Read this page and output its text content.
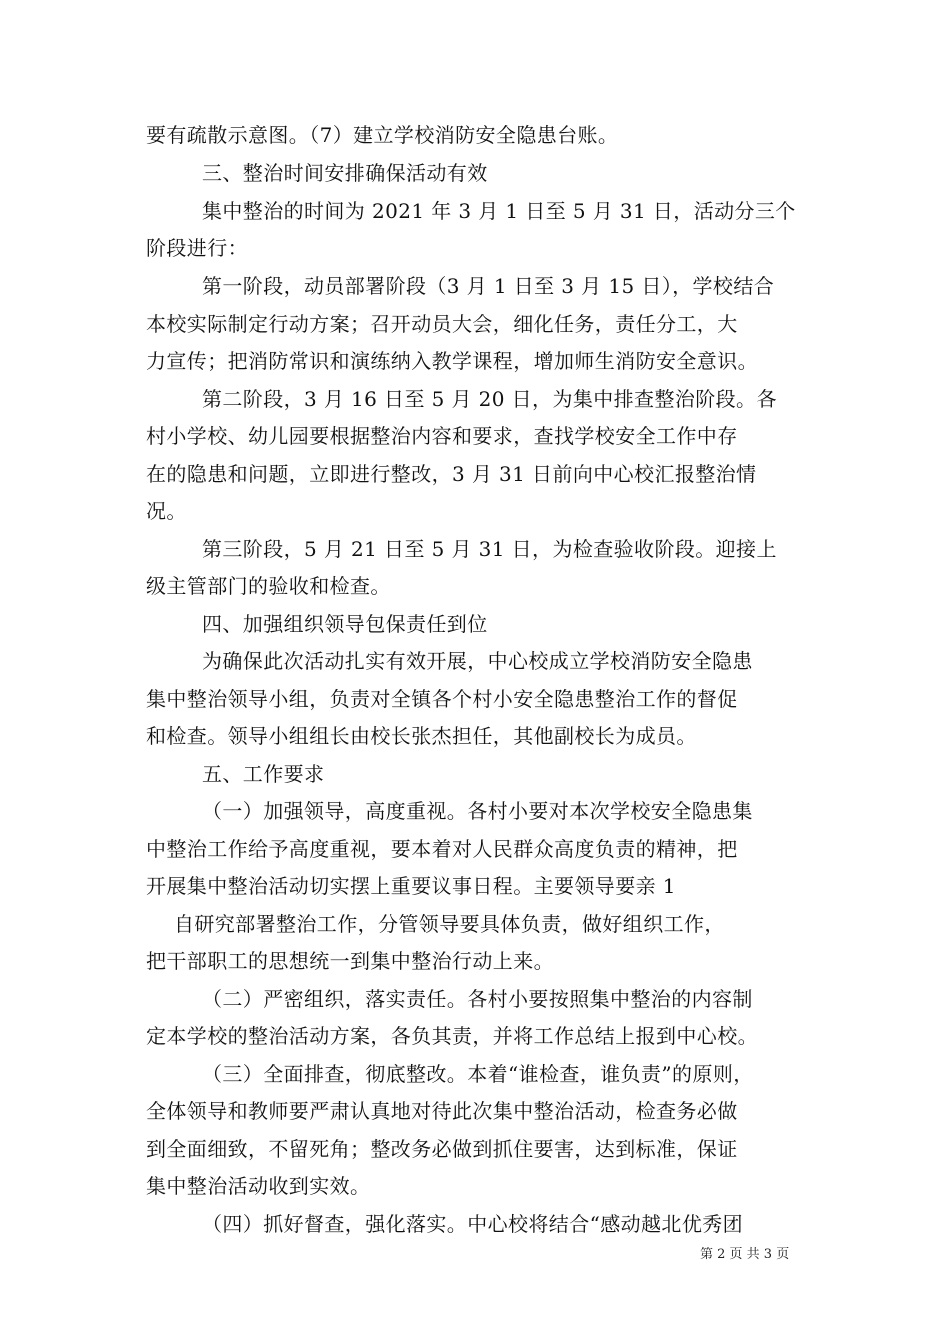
要有疏散示意图。（7）建立学校消防安全隐患台账。
三、整治时间安排确保活动有效
集中整治的时间为 2021 年 3 月 1 日至 5 月 31 日，活动分三个
阶段进行：
第一阶段，动员部署阶段（3 月 1 日至 3 月 15 日），学校结合
本校实际制定行动方案；召开动员大会，细化任务，责任分工，大
力宣传；把消防常识和演练纳入教学课程，增加师生消防安全意识。
第二阶段，3 月 16 日至 5 月 20 日，为集中排查整治阶段。各
村小学校、幼儿园要根据整治内容和要求，查找学校安全工作中存
在的隐患和问题，立即进行整改，3 月 31 日前向中心校汇报整治情
况。
第三阶段，5 月 21 日至 5 月 31 日，为检查验收阶段。迎接上
级主管部门的验收和检查。
四、加强组织领导包保责任到位
为确保此次活动扎实有效开展，中心校成立学校消防安全隐患
集中整治领导小组，负责对全镇各个村小安全隐患整治工作的督促
和检查。领导小组组长由校长张杰担任，其他副校长为成员。
五、工作要求
（一）加强领导，高度重视。各村小要对本次学校安全隐患集
中整治工作给予高度重视，要本着对人民群众高度负责的精神，把
开展集中整治活动切实摆上重要议事日程。主要领导要亲 1
自研究部署整治工作，分管领导要具体负责，做好组织工作，
把干部职工的思想统一到集中整治行动上来。
（二）严密组织，落实责任。各村小要按照集中整治的内容制
定本学校的整治活动方案，各负其责，并将工作总结上报到中心校。
（三）全面排查，彻底整改。本着“谁检查，谁负责”的原则，
全体领导和教师要严肃认真地对待此次集中整治活动，检查务必做
到全面细致，不留死角；整改务必做到抓住要害，达到标准，保证
集中整治活动收到实效。
（四）抓好督查，强化落实。中心校将结合“感动越北优秀团
第 2 页 共 3 页
